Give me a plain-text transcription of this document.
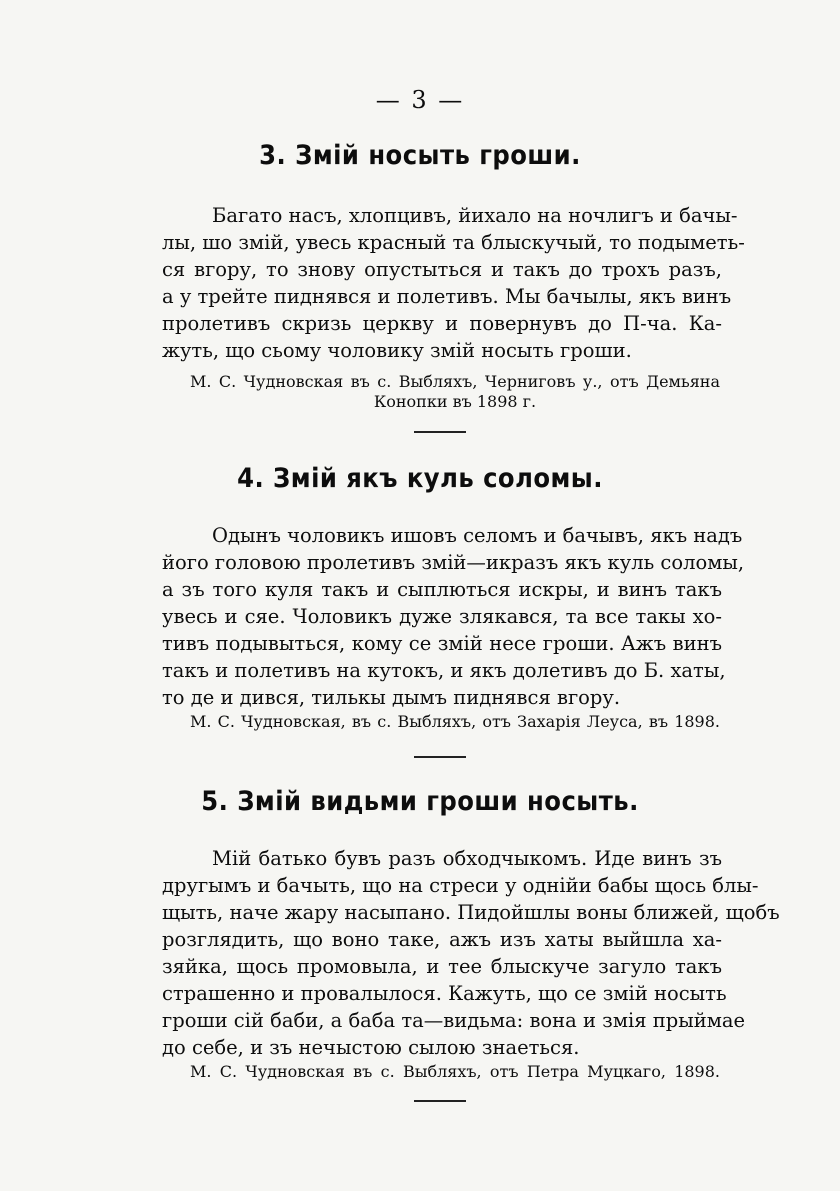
— 3 —
3. Змій носыть гроши.
Багато насъ, хлопцивъ, йихало на ночлигъ и бачы-
лы, шо змій, увесь красный та блыскучый, то подыметь-
ся вгору, то знову опустыться и такъ до трохъ разъ,
а у трейте пиднявся и полетивъ. Мы бачылы, якъ винъ
пролетивъ скризь церкву и повернувъ до П-ча. Ка-
жуть, що сьому чоловику змій носыть гроши.
М. С. Чудновская въ с. Выбляхъ, Черниговъ у., отъ Демьяна
Конопки въ 1898 г.
4. Змій якъ куль соломы.
Одынъ чоловикъ ишовъ селомъ и бачывъ, якъ надъ
його головою пролетивъ змій—икразъ якъ куль соломы,
а зъ того куля такъ и сыплються искры, и винъ такъ
увесь и сяе. Чоловикъ дуже злякався, та все такы хо-
тивъ подывыться, кому се змій несе гроши. Ажъ винъ
такъ и полетивъ на кутокъ, и якъ долетивъ до Б. хаты,
то де и дився, тилькы дымъ пиднявся вгору.
М. С. Чудновская, въ с. Выбляхъ, отъ Захарія Леуса, въ 1898.
5. Змій видьми гроши носыть.
Мій батько бувъ разъ обходчыкомъ. Иде винъ зъ
другымъ и бачыть, що на стреси у однійи бабы щось блы-
щыть, наче жару насыпано. Пидойшлы воны ближей, щобъ
розглядить, що воно таке, ажъ изъ хаты выйшла ха-
зяйка, щось промовыла, и тее блыскуче загуло такъ
страшенно и провалылося. Кажуть, що се змій носыть
гроши сій баби, а баба та—видьма: вона и змія прыймае
до себе, и зъ нечыстою сылою знаеться.
М. С. Чудновская въ с. Выбляхъ, отъ Петра Муцкаго, 1898.
